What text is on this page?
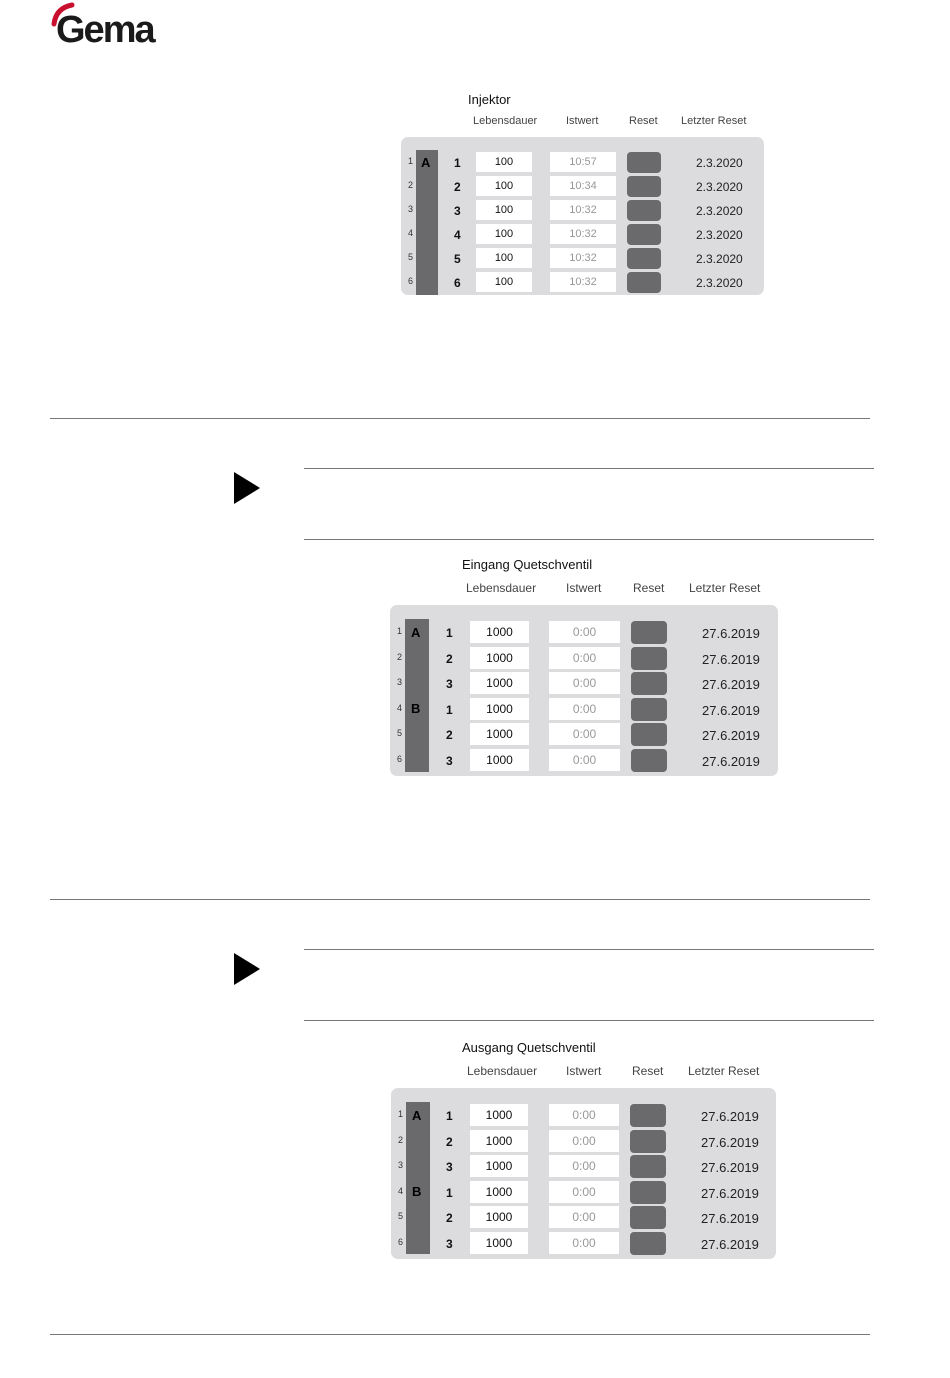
Gema
Injektor
Lebensdauer	Istwert	Reset Letzter Reset
A
1	1	100	10:57	2.3.2020
2	2	100	10:34	2.3.2020
3	3	100	10:32	2.3.2020
4	4	100	10:32	2.3.2020
5	5	100	10:32	2.3.2020
6	6	100	10:32	2.3.2020
Eingang Quetschventil
Lebensdauer Istwert	Reset Letzter Reset
1 A 1	1000	0:00	27.6.2019
2	2	1000	0:00	27.6.2019
3	3	1000	0:00	27.6.2019
4 B 1	1000	0:00	27.6.2019
5	2	1000	0:00	27.6.2019
6	3	1000	0:00	27.6.2019
Ausgang Quetschventil
Lebensdauer Istwert	Reset Letzter Reset
1 A 1	1000	0:00	27.6.2019
2	2	1000	0:00	27.6.2019
3	3	1000	0:00	27.6.2019
4 B 1	1000	0:00	27.6.2019
5	2	1000	0:00	27.6.2019
6	3	1000	0:00	27.6.2019
